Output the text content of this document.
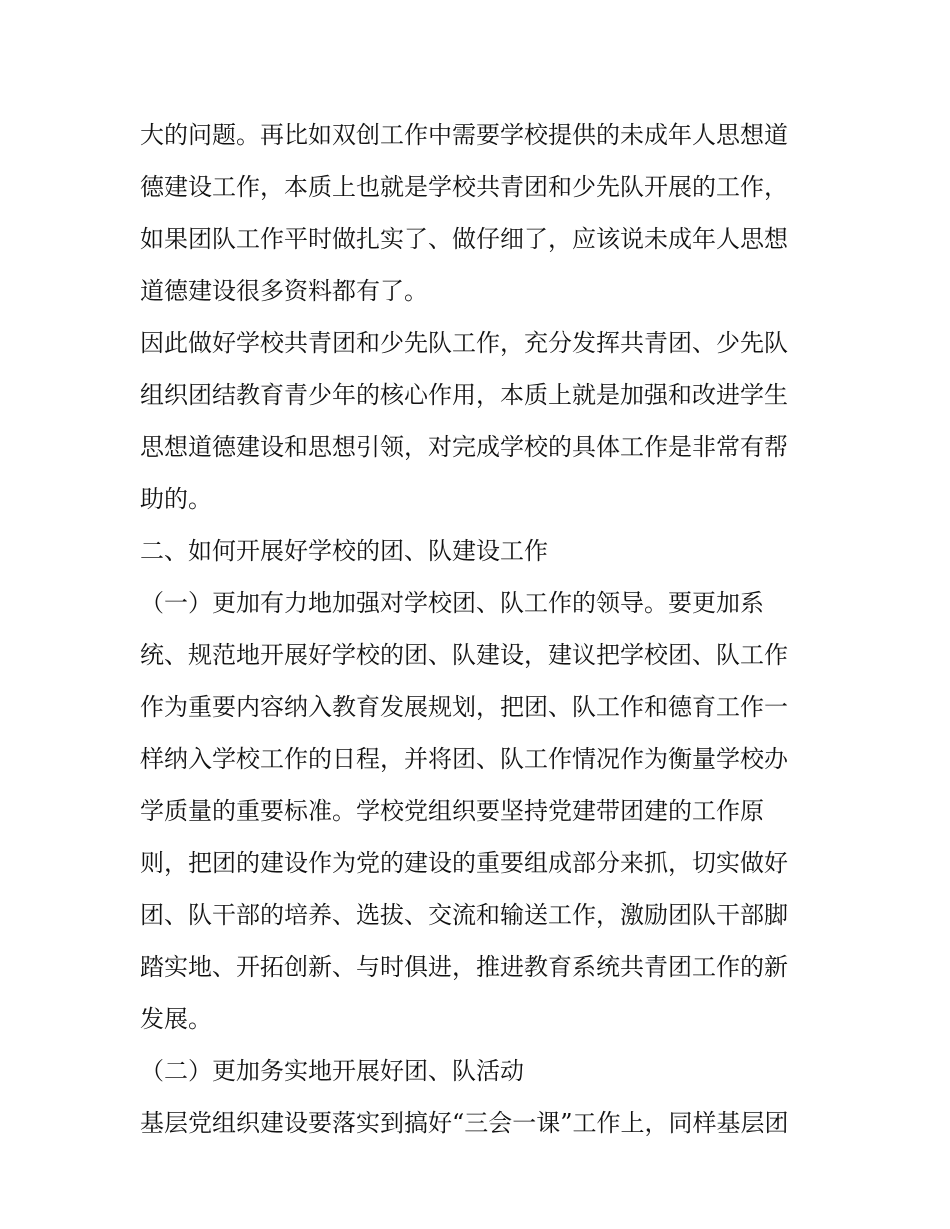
大的问题。再比如双创工作中需要学校提供的未成年人思想道
德建设工作，本质上也就是学校共青团和少先队开展的工作，
如果团队工作平时做扎实了、做仔细了，应该说未成年人思想
道德建设很多资料都有了。
因此做好学校共青团和少先队工作，充分发挥共青团、少先队
组织团结教育青少年的核心作用，本质上就是加强和改进学生
思想道德建设和思想引领，对完成学校的具体工作是非常有帮
助的。
二、如何开展好学校的团、队建设工作
（一）更加有力地加强对学校团、队工作的领导。要更加系
统、规范地开展好学校的团、队建设，建议把学校团、队工作
作为重要内容纳入教育发展规划，把团、队工作和德育工作一
样纳入学校工作的日程，并将团、队工作情况作为衡量学校办
学质量的重要标准。学校党组织要坚持党建带团建的工作原
则，把团的建设作为党的建设的重要组成部分来抓，切实做好
团、队干部的培养、选拔、交流和输送工作，激励团队干部脚
踏实地、开拓创新、与时俱进，推进教育系统共青团工作的新
发展。
（二）更加务实地开展好团、队活动
基层党组织建设要落实到搞好“三会一课”工作上，同样基层团
